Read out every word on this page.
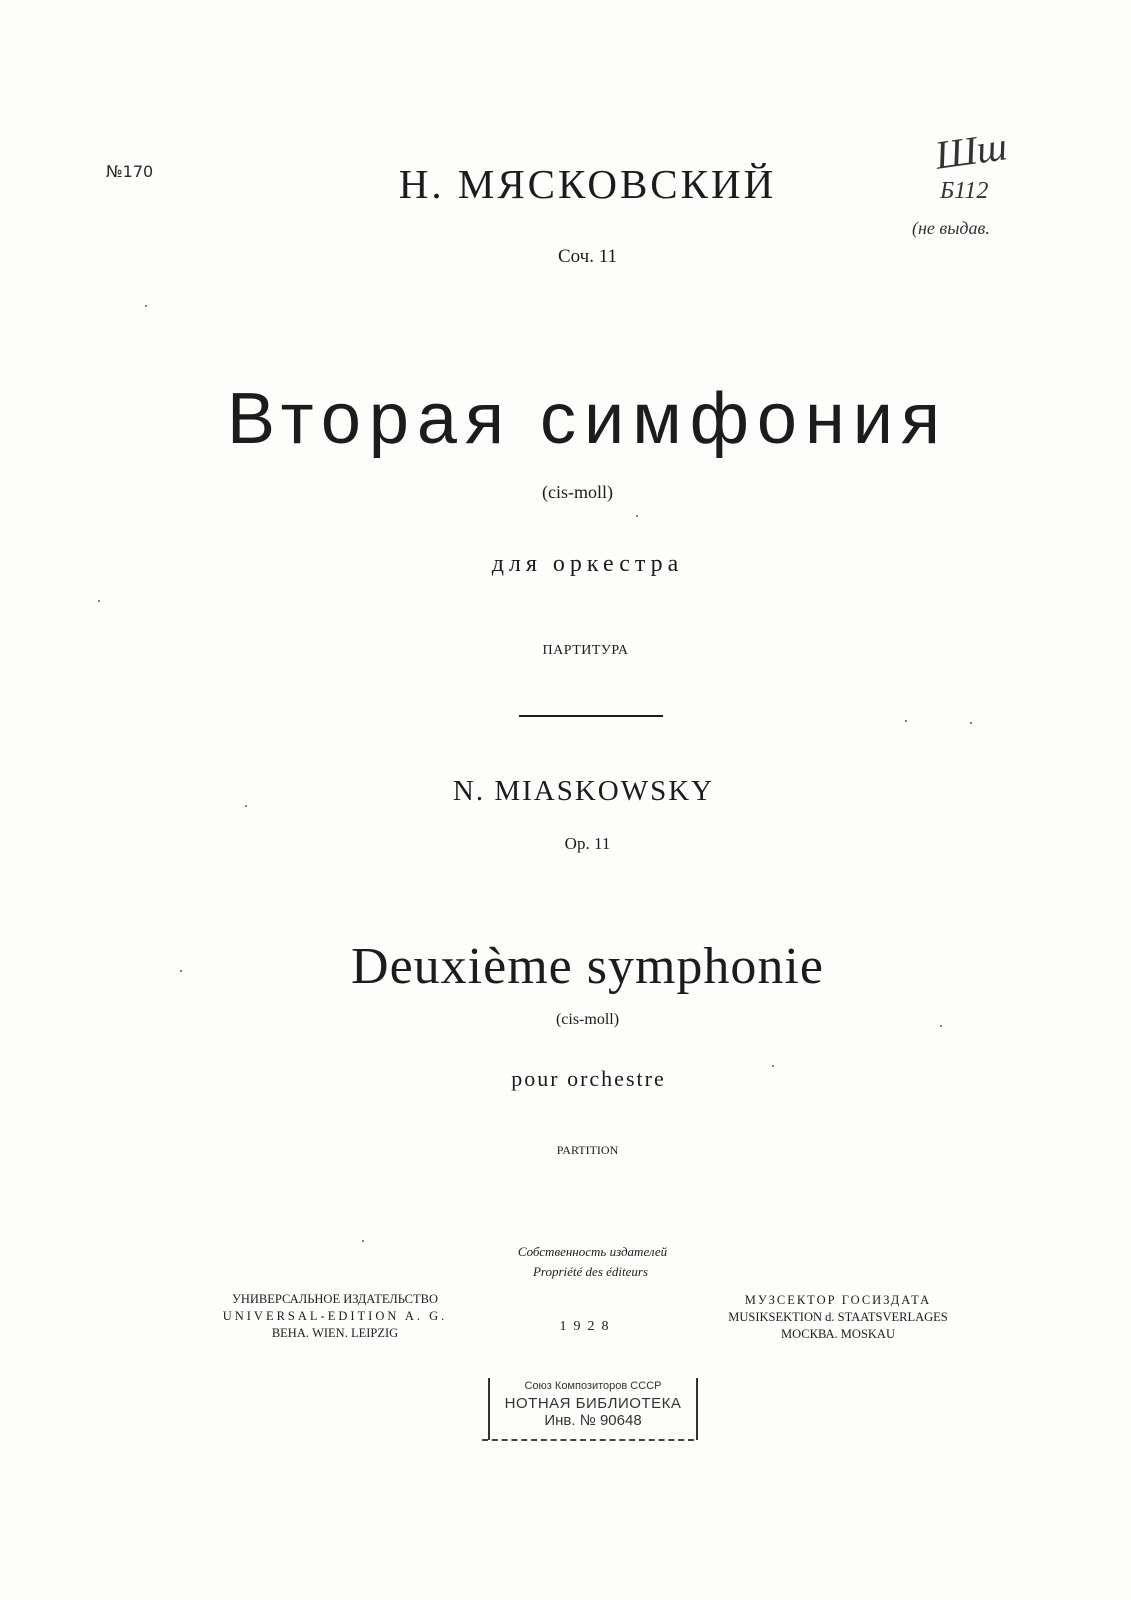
№170	Шш
Б112
(не выдав.
Н. МЯСКОВСКИЙ
Соч. 11
Вторая симфония
(cis-moll)
для оркестра
ПАРТИТУРА
N. MIASKOWSKY
Op. 11
Deuxième symphonie
(cis-moll)
pour orchestre
PARTITION
Собственность издателей
Propriété des éditeurs
1928
УНИВЕРСАЛЬНОЕ ИЗДАТЕЛЬСТВО
UNIVERSAL-EDITION A. G.
ВЕНА. WIEN. LEIPZIG
МУЗСЕКТОР ГОСИЗДАТА
MUSIKSEKTION d. STAATSVERLAGES
МОСКВА. MOSKAU
Союз Композиторов СССР
НОТНАЯ БИБЛИОТЕКА
Инв. № 90648
